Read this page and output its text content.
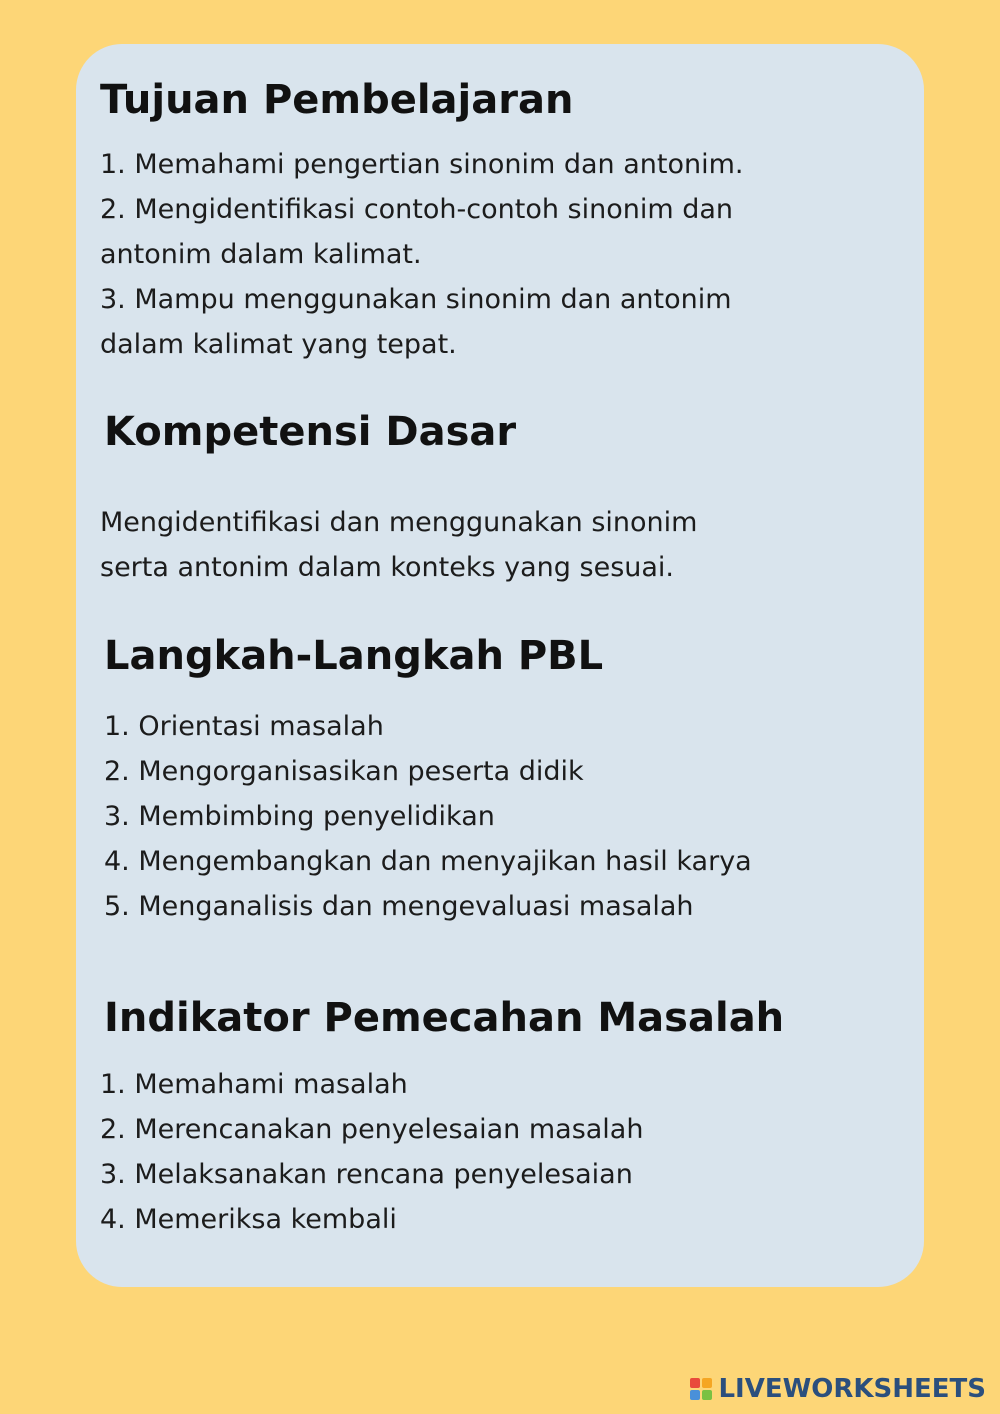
Tujuan Pembelajaran

1. Memahami pengertian sinonim dan antonim.

2. Mengidentifikasi contoh-contoh sinonim dan

antonim dalam kalimat.

3. Mampu menggunakan sinonim dan antonim

dalam kalimat yang tepat.

Kompetensi Dasar

Mengidentifikasi dan menggunakan sinonim

serta antonim dalam konteks yang sesuai.

Langkah-Langkah PBL
1. Orientasi masalah
2. Mengorganisasikan peserta didik
3. Membimbing penyelidikan
4. Mengembangkan dan menyajikan hasil karya
5. Menganalisis dan mengevaluasi masalah
Indikator Pemecahan Masalah
1. Memahami masalah
2. Merencanakan penyelesaian masalah
3. Melaksanakan rencana penyelesaian
4. Memeriksa kembali
LIVEWORKSHEETS
